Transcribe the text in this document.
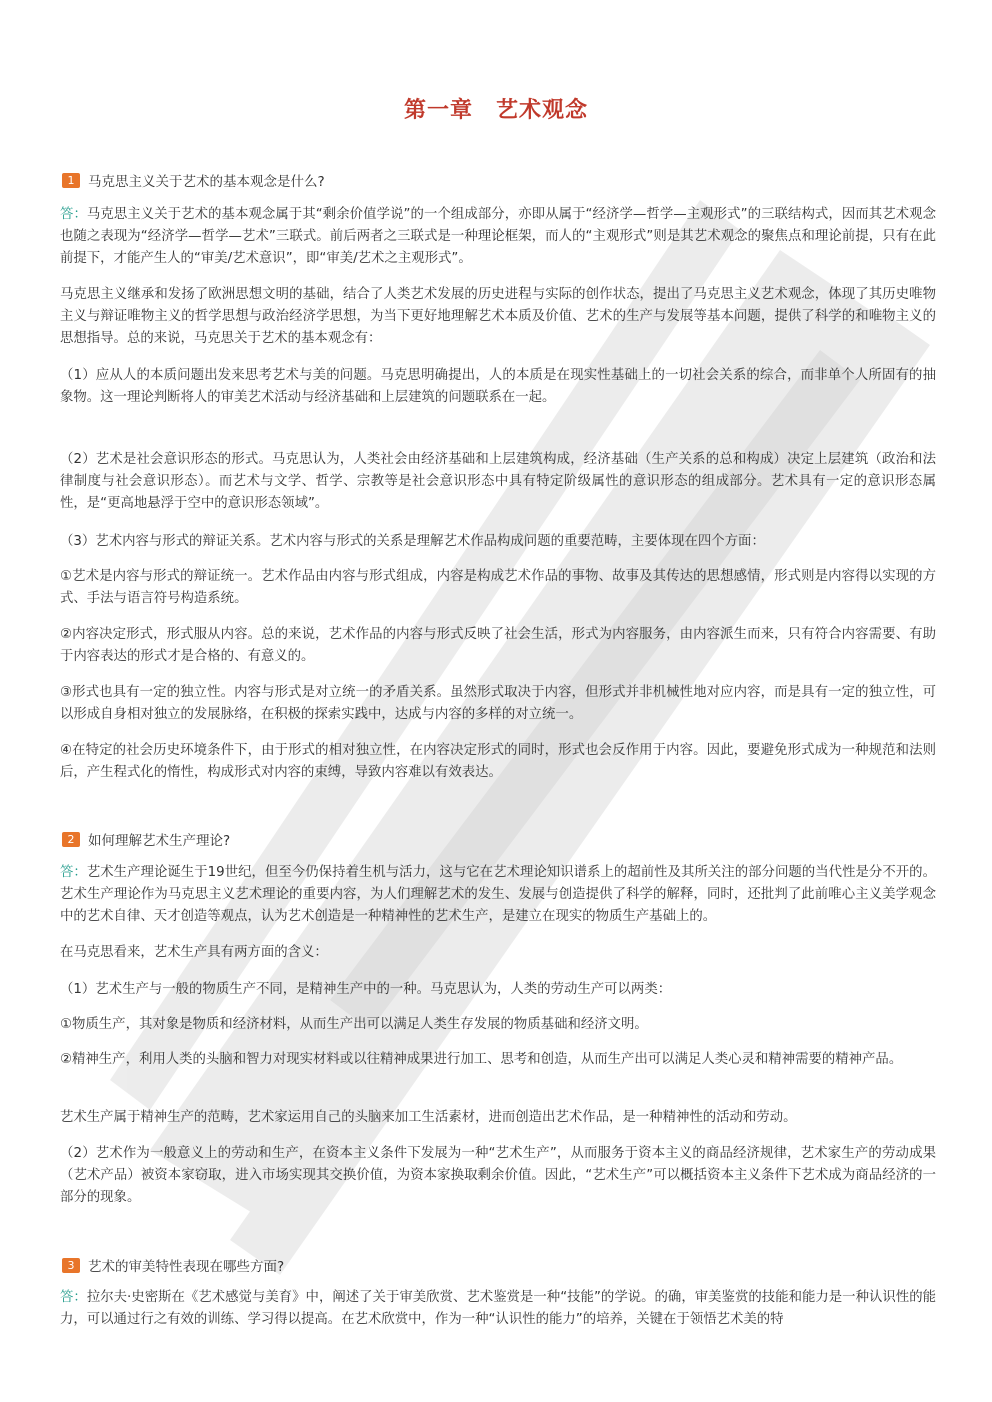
第一章　艺术观念
1	马克思主义关于艺术的基本观念是什么?
答：马克思主义关于艺术的基本观念属于其“剩余价值学说”的一个组成部分，亦即从属于“经济学—哲学—主观形式”的三联结构式，因而其艺术观念也随之表现为“经济学—哲学—艺术”三联式。前后两者之三联式是一种理论框架，而人的“主观形式”则是其艺术观念的聚焦点和理论前提，只有在此前提下，才能产生人的“审美/艺术意识”，即“审美/艺术之主观形式”。
马克思主义继承和发扬了欧洲思想文明的基础，结合了人类艺术发展的历史进程与实际的创作状态，提出了马克思主义艺术观念，体现了其历史唯物主义与辩证唯物主义的哲学思想与政治经济学思想，为当下更好地理解艺术本质及价值、艺术的生产与发展等基本问题，提供了科学的和唯物主义的思想指导。总的来说，马克思关于艺术的基本观念有：
（1）应从人的本质问题出发来思考艺术与美的问题。马克思明确提出，人的本质是在现实性基础上的一切社会关系的综合，而非单个人所固有的抽象物。这一理论判断将人的审美艺术活动与经济基础和上层建筑的问题联系在一起。
（2）艺术是社会意识形态的形式。马克思认为，人类社会由经济基础和上层建筑构成，经济基础（生产关系的总和构成）决定上层建筑（政治和法律制度与社会意识形态）。而艺术与文学、哲学、宗教等是社会意识形态中具有特定阶级属性的意识形态的组成部分。艺术具有一定的意识形态属性，是“更高地悬浮于空中的意识形态领域”。
（3）艺术内容与形式的辩证关系。艺术内容与形式的关系是理解艺术作品构成问题的重要范畴，主要体现在四个方面：
①艺术是内容与形式的辩证统一。艺术作品由内容与形式组成，内容是构成艺术作品的事物、故事及其传达的思想感情，形式则是内容得以实现的方式、手法与语言符号构造系统。
②内容决定形式，形式服从内容。总的来说，艺术作品的内容与形式反映了社会生活，形式为内容服务，由内容派生而来，只有符合内容需要、有助于内容表达的形式才是合格的、有意义的。
③形式也具有一定的独立性。内容与形式是对立统一的矛盾关系。虽然形式取决于内容，但形式并非机械性地对应内容，而是具有一定的独立性，可以形成自身相对独立的发展脉络，在积极的探索实践中，达成与内容的多样的对立统一。
④在特定的社会历史环境条件下，由于形式的相对独立性，在内容决定形式的同时，形式也会反作用于内容。因此，要避免形式成为一种规范和法则后，产生程式化的惰性，构成形式对内容的束缚，导致内容难以有效表达。
2	如何理解艺术生产理论?
答：艺术生产理论诞生于19世纪，但至今仍保持着生机与活力，这与它在艺术理论知识谱系上的超前性及其所关注的部分问题的当代性是分不开的。艺术生产理论作为马克思主义艺术理论的重要内容，为人们理解艺术的发生、发展与创造提供了科学的解释，同时，还批判了此前唯心主义美学观念中的艺术自律、天才创造等观点，认为艺术创造是一种精神性的艺术生产，是建立在现实的物质生产基础上的。
在马克思看来，艺术生产具有两方面的含义：
（1）艺术生产与一般的物质生产不同，是精神生产中的一种。马克思认为，人类的劳动生产可以两类：
①物质生产，其对象是物质和经济材料，从而生产出可以满足人类生存发展的物质基础和经济文明。
②精神生产，利用人类的头脑和智力对现实材料或以往精神成果进行加工、思考和创造，从而生产出可以满足人类心灵和精神需要的精神产品。
艺术生产属于精神生产的范畴，艺术家运用自己的头脑来加工生活素材，进而创造出艺术作品，是一种精神性的活动和劳动。
（2）艺术作为一般意义上的劳动和生产，在资本主义条件下发展为一种“艺术生产”，从而服务于资本主义的商品经济规律，艺术家生产的劳动成果（艺术产品）被资本家窃取，进入市场实现其交换价值，为资本家换取剩余价值。因此，“艺术生产”可以概括资本主义条件下艺术成为商品经济的一部分的现象。
3	艺术的审美特性表现在哪些方面?
答：拉尔夫·史密斯在《艺术感觉与美育》中，阐述了关于审美欣赏、艺术鉴赏是一种“技能”的学说。的确，审美鉴赏的技能和能力是一种认识性的能力，可以通过行之有效的训练、学习得以提高。在艺术欣赏中，作为一种“认识性的能力”的培养，关键在于领悟艺术美的特
